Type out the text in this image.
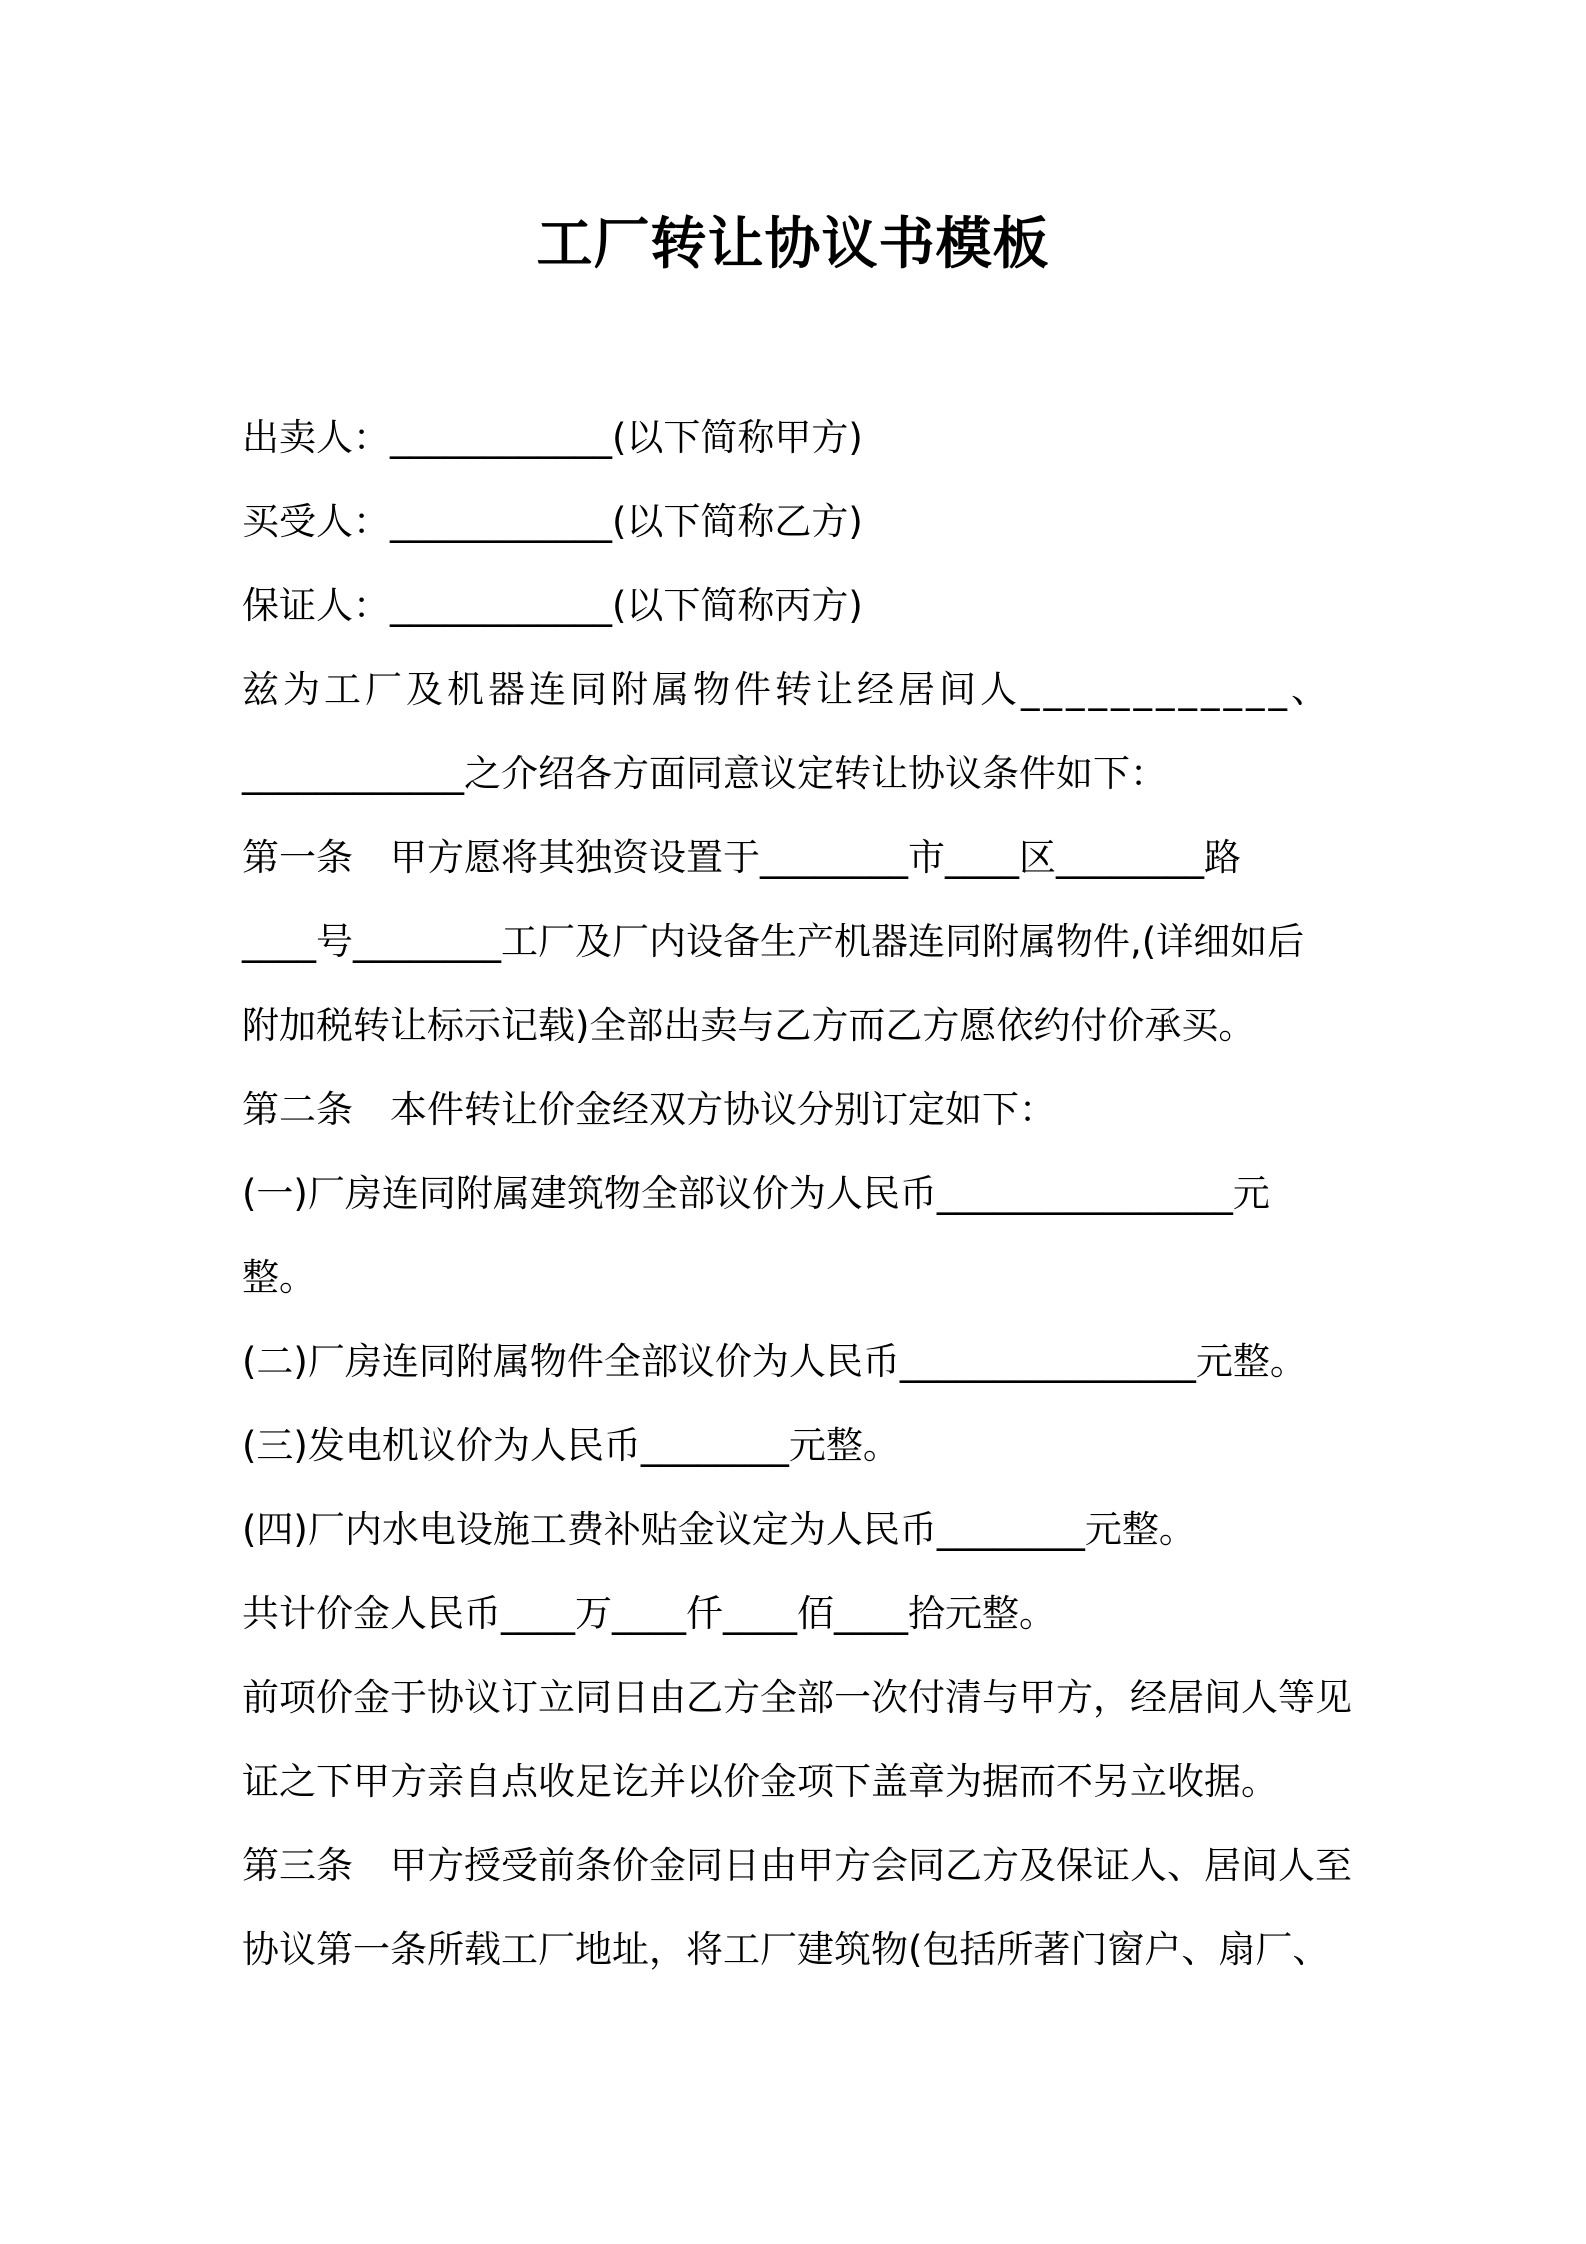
工厂转让协议书模板
出卖人：____________(以下简称甲方)
买受人：____________(以下简称乙方)
保证人：____________(以下简称丙方)
兹为工厂及机器连同附属物件转让经居间人____________、
____________之介绍各方面同意议定转让协议条件如下：
第一条　甲方愿将其独资设置于________市____区________路
____号________工厂及厂内设备生产机器连同附属物件,(详细如后
附加税转让标示记载)全部出卖与乙方而乙方愿依约付价承买。
第二条　本件转让价金经双方协议分别订定如下：
(一)厂房连同附属建筑物全部议价为人民币________________元
整。
(二)厂房连同附属物件全部议价为人民币________________元整。
(三)发电机议价为人民币________元整。
(四)厂内水电设施工费补贴金议定为人民币________元整。
共计价金人民币____万____仟____佰____拾元整。
前项价金于协议订立同日由乙方全部一次付清与甲方，经居间人等见
证之下甲方亲自点收足讫并以价金项下盖章为据而不另立收据。
第三条　甲方授受前条价金同日由甲方会同乙方及保证人、居间人至
协议第一条所载工厂地址，将工厂建筑物(包括所著门窗户、扇厂、
